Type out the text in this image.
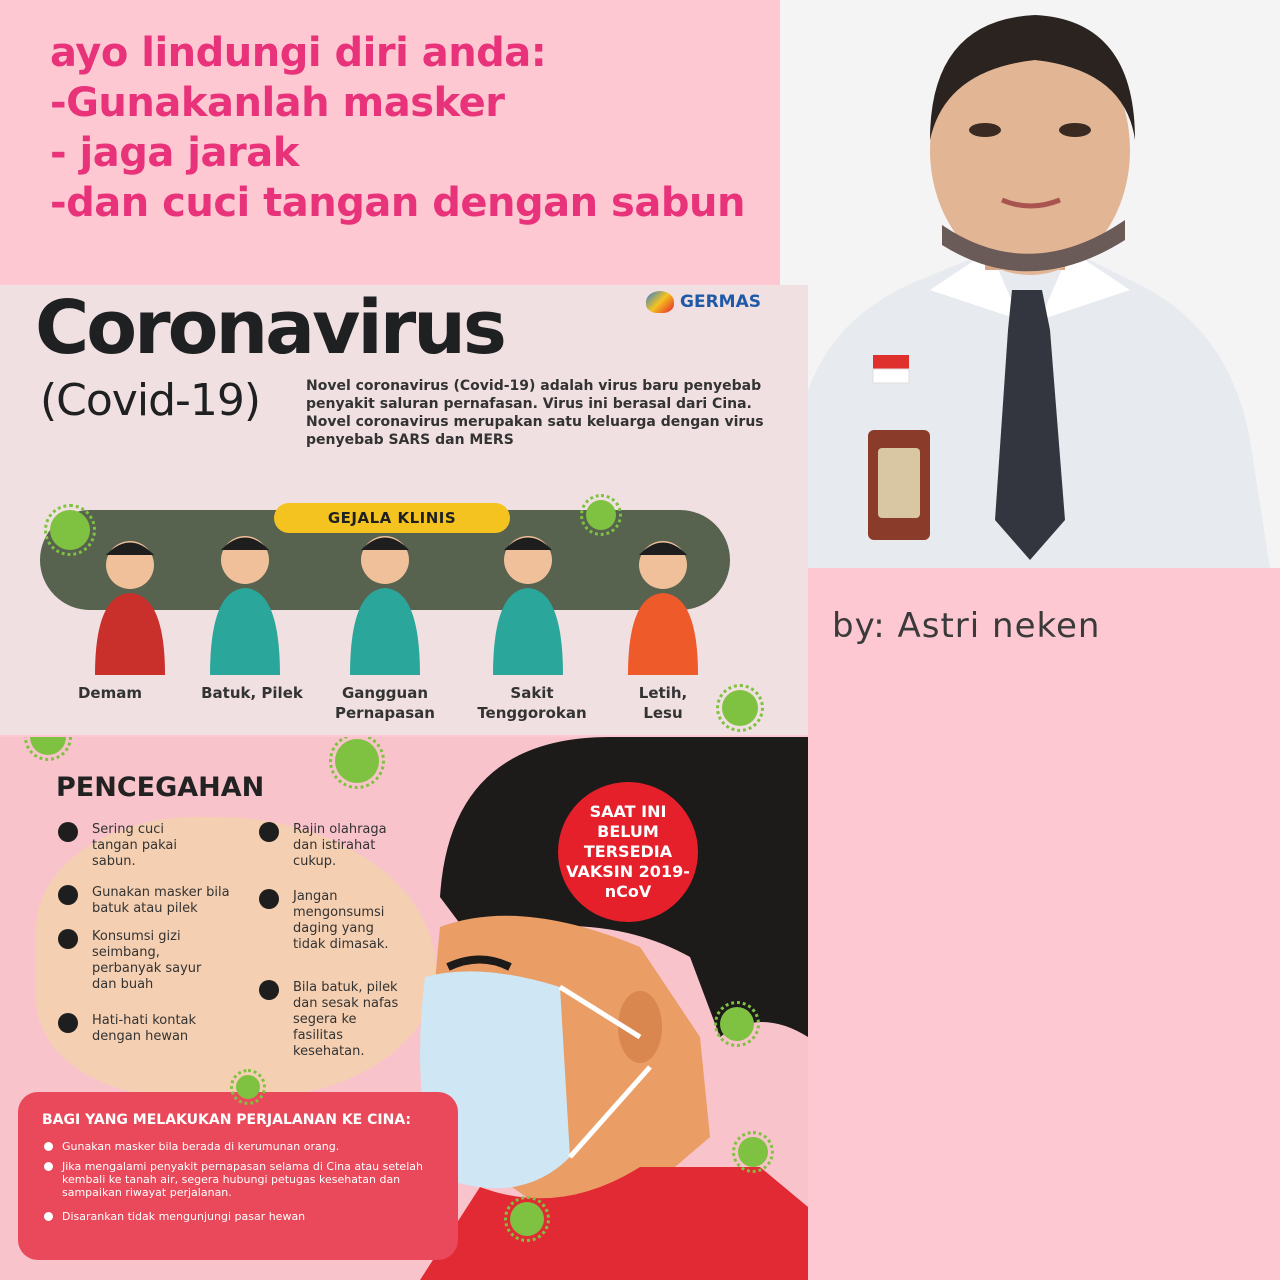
ayo lindungi diri anda:
-Gunakanlah masker
- jaga jarak
-dan cuci tangan dengan sabun
by: Astri neken
Coronavirus
(Covid-19)
GERMAS
Novel coronavirus (Covid-19) adalah virus baru penyebab penyakit saluran pernafasan. Virus ini berasal dari Cina. Novel coronavirus merupakan satu keluarga dengan virus penyebab SARS dan MERS
GEJALA KLINIS
Demam	Batuk, Pilek	Gangguan
Pernapasan
Sakit
Tenggorokan
Letih,
Lesu
PENCEGAHAN
Sering cuci tangan pakai sabun.
Gunakan masker bila batuk atau pilek
Konsumsi gizi seimbang, perbanyak sayur dan buah
Hati-hati kontak dengan hewan
Rajin olahraga dan istirahat cukup.
Jangan mengonsumsi daging yang tidak dimasak.
Bila batuk, pilek dan sesak nafas segera ke fasilitas kesehatan.
SAAT INI BELUM TERSEDIA VAKSIN 2019-nCoV
BAGI YANG MELAKUKAN PERJALANAN KE CINA:
Gunakan masker bila berada di kerumunan orang.
Jika mengalami penyakit pernapasan selama di Cina atau setelah kembali ke tanah air, segera hubungi petugas kesehatan dan sampaikan riwayat perjalanan.
Disarankan tidak mengunjungi pasar hewan
